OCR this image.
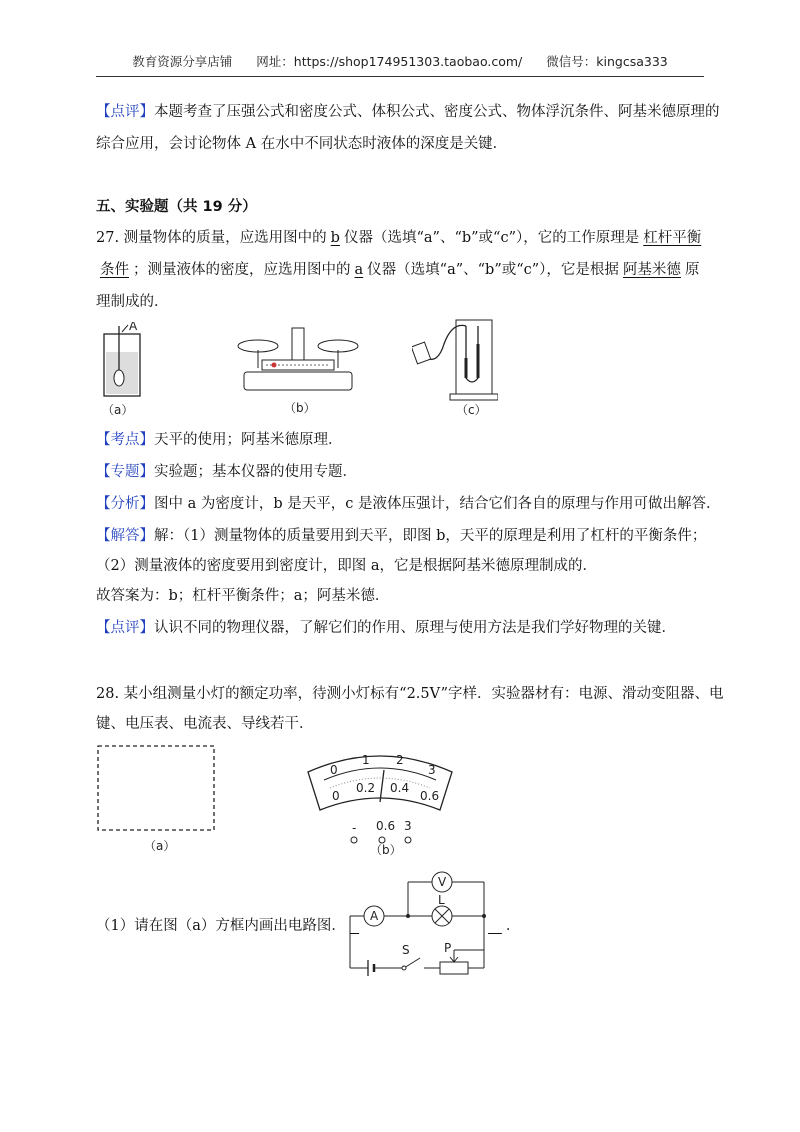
教育资源分享店铺 网址：https://shop174951303.taobao.com/ 微信号：kingcsa333
【点评】本题考查了压强公式和密度公式、体积公式、密度公式、物体浮沉条件、阿基米德原理的
综合应用，会讨论物体 A 在水中不同状态时液体的深度是关键．
五、实验题（共 19 分）
27. 测量物体的质量，应选用图中的 b 仪器（选填“a”、“b”或“c”），它的工作原理是 杠杆平衡
条件 ；测量液体的密度，应选用图中的 a 仪器（选填“a”、“b”或“c”），它是根据 阿基米德 原
理制成的．
A
（a）	（b）	（c）
【考点】天平的使用；阿基米德原理．
【专题】实验题；基本仪器的使用专题．
【分析】图中 a 为密度计，b 是天平，c 是液体压强计，结合它们各自的原理与作用可做出解答．
【解答】解：（1）测量物体的质量要用到天平，即图 b，天平的原理是利用了杠杆的平衡条件；
（2）测量液体的密度要用到密度计，即图 a，它是根据阿基米德原理制成的．
故答案为：b；杠杆平衡条件；a；阿基米德．
【点评】认识不同的物理仪器，了解它们的作用、原理与使用方法是我们学好物理的关键．
28. 某小组测量小灯的额定功率，待测小灯标有“2.5V”字样．实验器材有：电源、滑动变阻器、电
键、电压表、电流表、导线若干．
（a）
0
1 2
3
0
0.2 0.4
0.6
- 0.6 3
（b）
V
A
L
S	P
（1）请在图（a）方框内画出电路图．	．
